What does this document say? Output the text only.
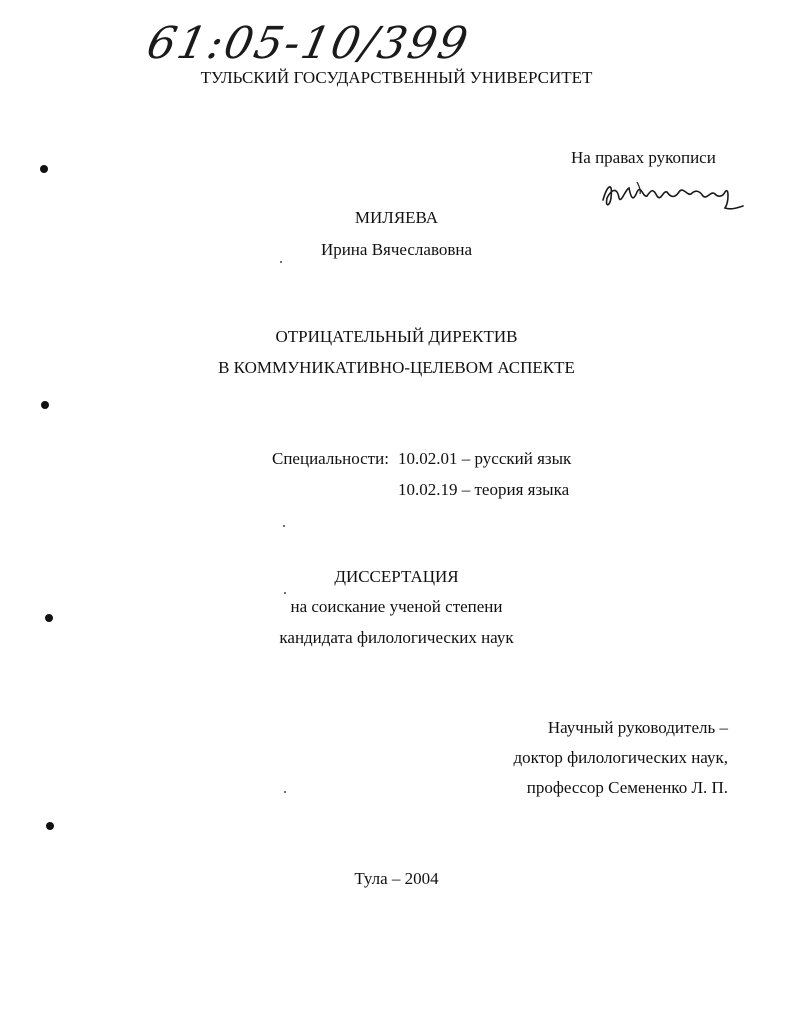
61:05-10/399
ТУЛЬСКИЙ ГОСУДАРСТВЕННЫЙ УНИВЕРСИТЕТ
На правах рукописи
МИЛЯЕВА
Ирина Вячеславовна
ОТРИЦАТЕЛЬНЫЙ ДИРЕКТИВ
В КОММУНИКАТИВНО-ЦЕЛЕВОМ АСПЕКТЕ
Специальности: 10.02.01 – русский язык
10.02.19 – теория языка
ДИССЕРТАЦИЯ
на соискание ученой степени
кандидата филологических наук
Научный руководитель –
доктор филологических наук,
профессор Семененко Л. П.
Тула – 2004
